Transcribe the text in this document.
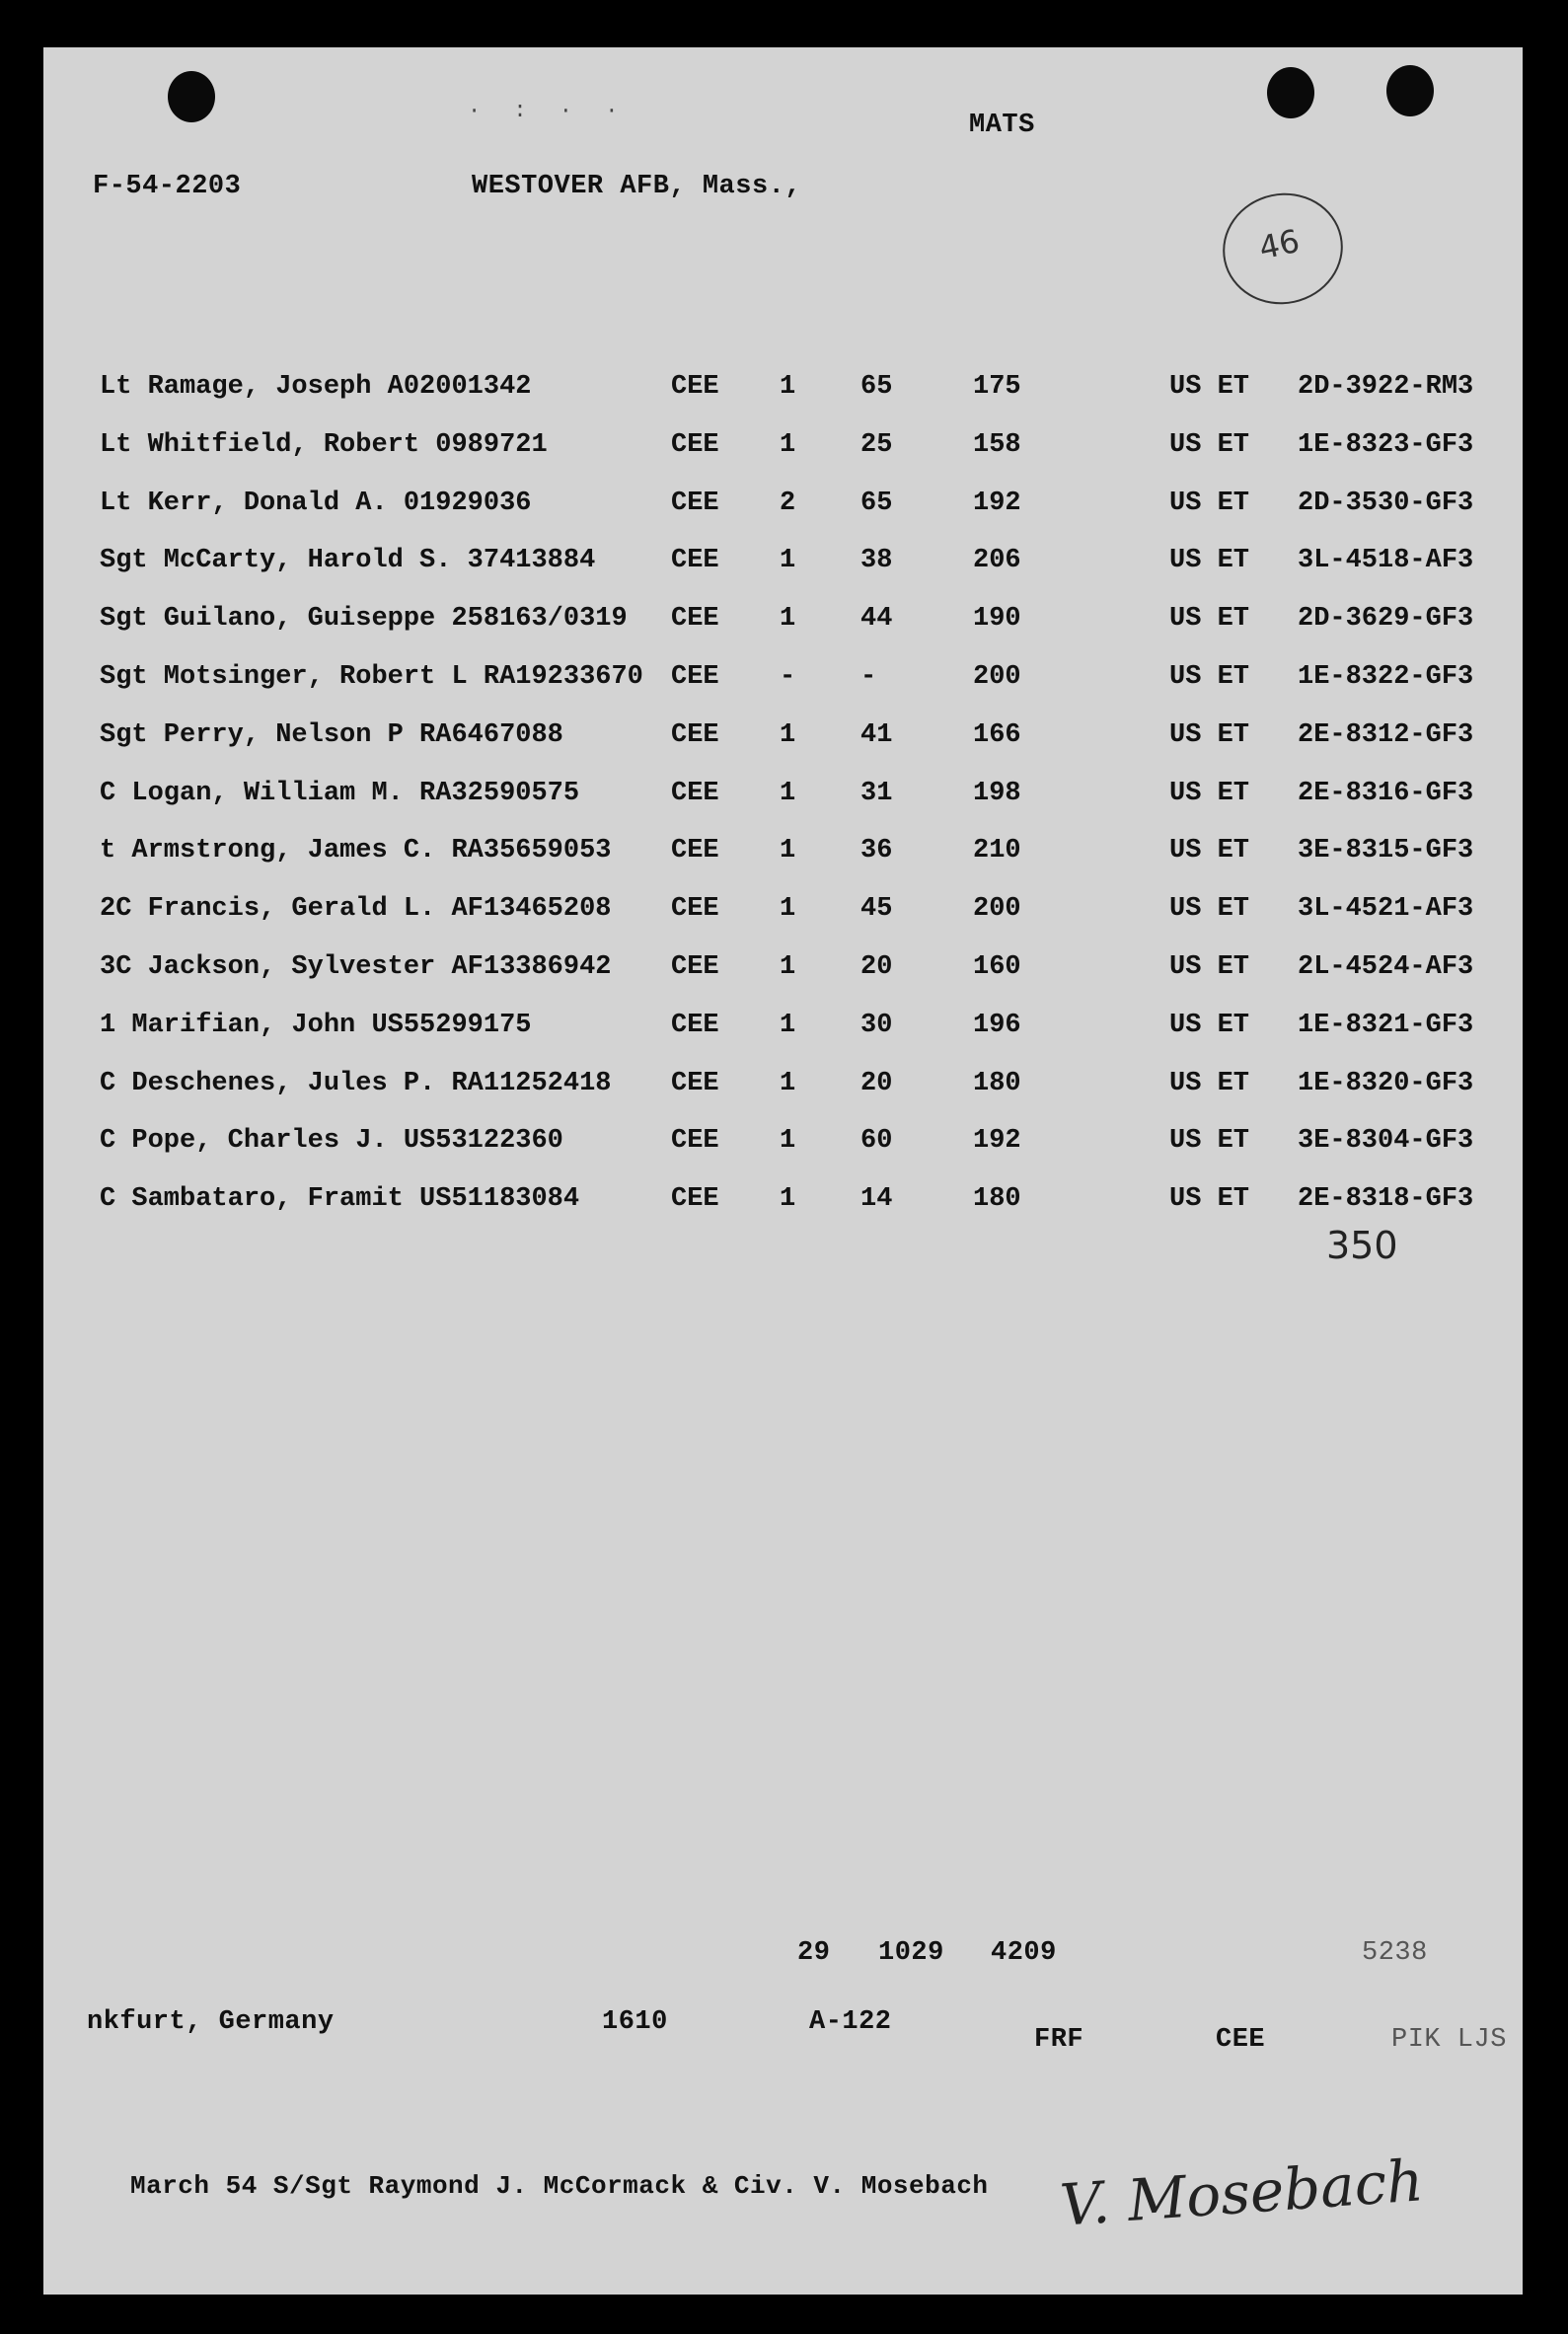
· : · ·
F-54-2203	WESTOVER AFB, Mass.,
MATS
46
Lt Ramage, Joseph A02001342	CEE 1 65	175	US ET 2D-3922-RM3
Lt Whitfield, Robert 0989721	CEE 1 25	158	US ET 1E-8323-GF3
Lt Kerr, Donald A. 01929036	CEE 2 65	192	US ET 2D-3530-GF3
Sgt McCarty, Harold S. 37413884	CEE 1 38	206	US ET 3L-4518-AF3
Sgt Guilano, Guiseppe 258163/0319 CEE 1 44	190	US ET 2D-3629-GF3
Sgt Motsinger, Robert L RA19233670 CEE - -	200	US ET 1E-8322-GF3
Sgt Perry, Nelson P RA6467088	CEE 1 41	166	US ET 2E-8312-GF3
C Logan, William M. RA32590575	CEE 1 31	198	US ET 2E-8316-GF3
t Armstrong, James C. RA35659053 CEE 1 36	210	US ET 3E-8315-GF3
2C Francis, Gerald L. AF13465208 CEE 1 45	200	US ET 3L-4521-AF3
3C Jackson, Sylvester AF13386942 CEE 1 20	160	US ET 2L-4524-AF3
1 Marifian, John US55299175	CEE 1 30	196	US ET 1E-8321-GF3
C Deschenes, Jules P. RA11252418 CEE 1 20	180	US ET 1E-8320-GF3
C Pope, Charles J. US53122360	CEE 1 60	192	US ET 3E-8304-GF3
C Sambataro, Framit US51183084	CEE 1 14	180	US ET 2E-8318-GF3
350
29 1029 4209	5238
nkfurt, Germany	1610	A-122
FRF	CEE	PIK LJS
March 54 S/Sgt Raymond J. McCormack & Civ. V. Mosebach V. Mosebach
